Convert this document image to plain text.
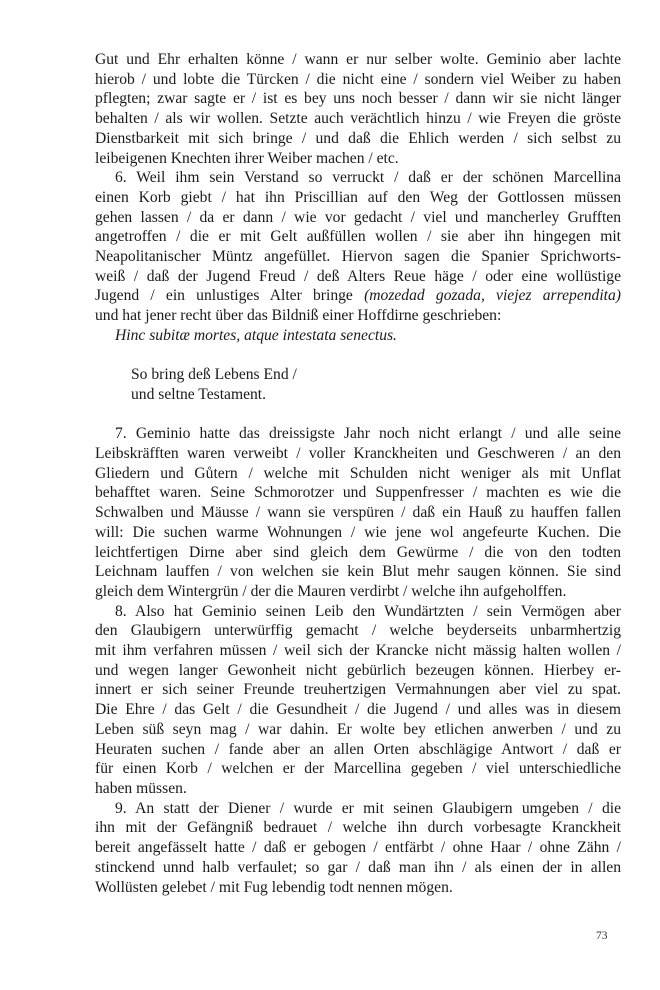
Gut und Ehr erhalten könne / wann er nur selber wolte. Geminio aber lachte
hierob / und lobte die Türcken / die nicht eine / sondern viel Weiber zu haben
pflegten; zwar sagte er / ist es bey uns noch besser / dann wir sie nicht länger
behalten / als wir wollen. Setzte auch verächtlich hinzu / wie Freyen die gröste
Dienstbarkeit mit sich bringe / und daß die Ehlich werden / sich selbst zu
leibeigenen Knechten ihrer Weiber machen / etc.
6. Weil ihm sein Verstand so verruckt / daß er der schönen Marcellina
einen Korb giebt / hat ihn Priscillian auf den Weg der Gottlossen müssen
gehen lassen / da er dann / wie vor gedacht / viel und mancherley Grufften
angetroffen / die er mit Gelt außfüllen wollen / sie aber ihn hingegen mit
Neapolitanischer Müntz angefüllet. Hiervon sagen die Spanier Sprichworts-
weiß / daß der Jugend Freud / deß Alters Reue häge / oder eine wollüstige
Jugend / ein unlustiges Alter bringe (mozedad gozada, viejez arrependita)
und hat jener recht über das Bildniß einer Hoffdirne geschrieben:
Hinc subitæ mortes, atque intestata senectus.
So bring deß Lebens End /
und seltne Testament.
7. Geminio hatte das dreissigste Jahr noch nicht erlangt / und alle seine
Leibskräfften waren verweibt / voller Kranckheiten und Geschweren / an den
Gliedern und Gůtern / welche mit Schulden nicht weniger als mit Unflat
behafftet waren. Seine Schmorotzer und Suppenfresser / machten es wie die
Schwalben und Mäusse / wann sie verspüren / daß ein Hauß zu hauffen fallen
will: Die suchen warme Wohnungen / wie jene wol angefeurte Kuchen. Die
leichtfertigen Dirne aber sind gleich dem Gewürme / die von den todten
Leichnam lauffen / von welchen sie kein Blut mehr saugen können. Sie sind
gleich dem Wintergrün / der die Mauren verdirbt / welche ihn aufgeholffen.
8. Also hat Geminio seinen Leib den Wundärtzten / sein Vermögen aber
den Glaubigern unterwürffig gemacht / welche beyderseits unbarmhertzig
mit ihm verfahren müssen / weil sich der Krancke nicht mässig halten wollen /
und wegen langer Gewonheit nicht gebürlich bezeugen können. Hierbey er-
innert er sich seiner Freunde treuhertzigen Vermahnungen aber viel zu spat.
Die Ehre / das Gelt / die Gesundheit / die Jugend / und alles was in diesem
Leben süß seyn mag / war dahin. Er wolte bey etlichen anwerben / und zu
Heuraten suchen / fande aber an allen Orten abschlägige Antwort / daß er
für einen Korb / welchen er der Marcellina gegeben / viel unterschiedliche
haben müssen.
9. An statt der Diener / wurde er mit seinen Glaubigern umgeben / die
ihn mit der Gefängniß bedrauet / welche ihn durch vorbesagte Kranckheit
bereit angefässelt hatte / daß er gebogen / entfärbt / ohne Haar / ohne Zähn /
stinckend unnd halb verfaulet; so gar / daß man ihn / als einen der in allen
Wollüsten gelebet / mit Fug lebendig todt nennen mögen.
73
